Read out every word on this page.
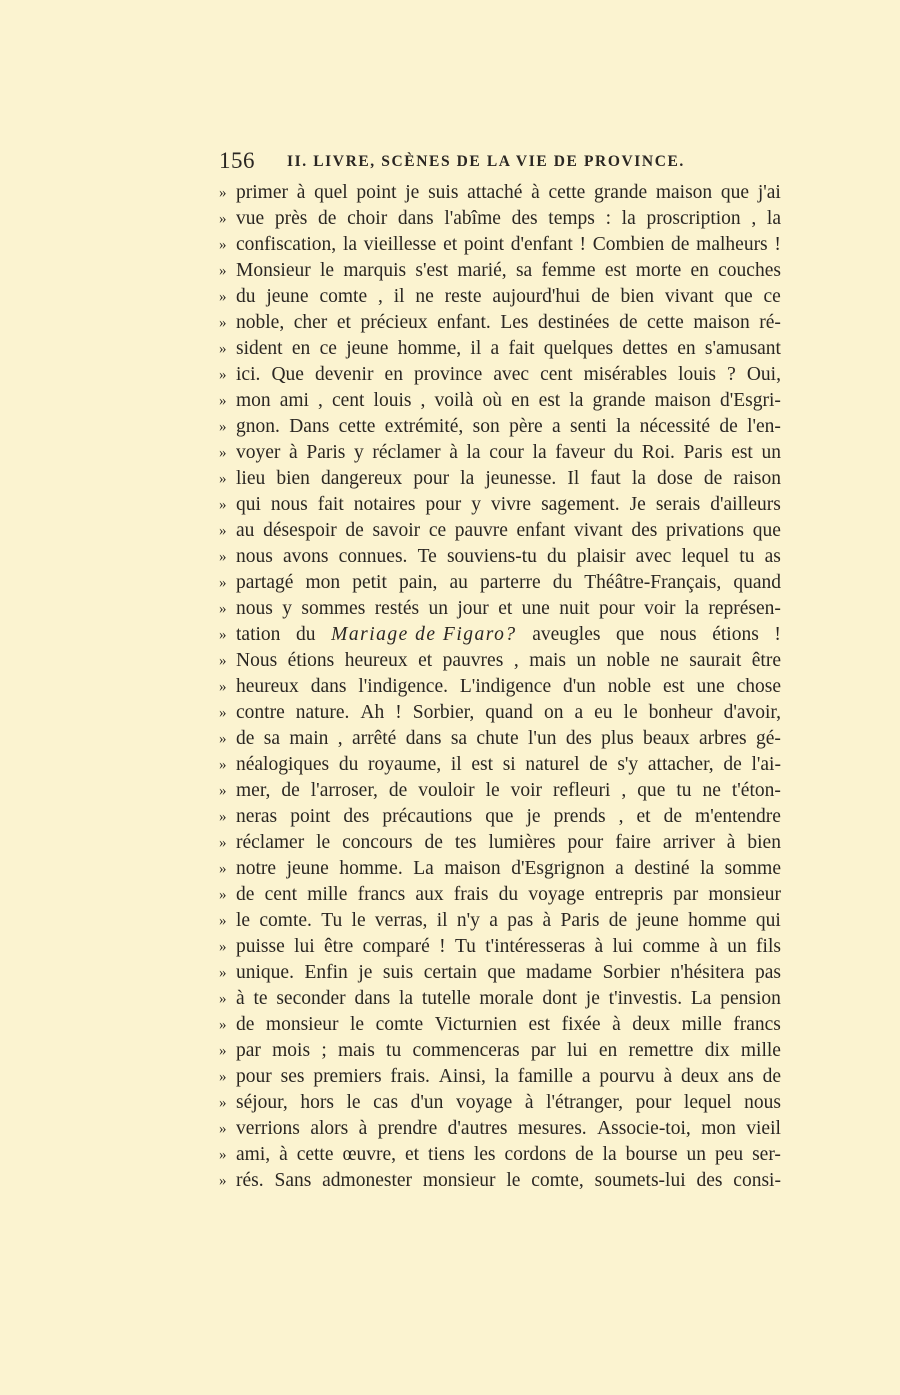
156 II. LIVRE, SCÈNES DE LA VIE DE PROVINCE.
» primer à quel point je suis attaché à cette grande maison que j'ai
» vue près de choir dans l'abîme des temps : la proscription , la
» confiscation, la vieillesse et point d'enfant ! Combien de malheurs !
» Monsieur le marquis s'est marié, sa femme est morte en couches
» du jeune comte , il ne reste aujourd'hui de bien vivant que ce
» noble, cher et précieux enfant. Les destinées de cette maison ré-
» sident en ce jeune homme, il a fait quelques dettes en s'amusant
» ici. Que devenir en province avec cent misérables louis ? Oui,
» mon ami , cent louis , voilà où en est la grande maison d'Esgri-
» gnon. Dans cette extrémité, son père a senti la nécessité de l'en-
» voyer à Paris y réclamer à la cour la faveur du Roi. Paris est un
» lieu bien dangereux pour la jeunesse. Il faut la dose de raison
» qui nous fait notaires pour y vivre sagement. Je serais d'ailleurs
» au désespoir de savoir ce pauvre enfant vivant des privations que
» nous avons connues. Te souviens-tu du plaisir avec lequel tu as
» partagé mon petit pain, au parterre du Théâtre-Français, quand
» nous y sommes restés un jour et une nuit pour voir la représen-
» tation du Mariage de Figaro? aveugles que nous étions !
» Nous étions heureux et pauvres , mais un noble ne saurait être
» heureux dans l'indigence. L'indigence d'un noble est une chose
» contre nature. Ah ! Sorbier, quand on a eu le bonheur d'avoir,
» de sa main , arrêté dans sa chute l'un des plus beaux arbres gé-
» néalogiques du royaume, il est si naturel de s'y attacher, de l'ai-
» mer, de l'arroser, de vouloir le voir refleuri , que tu ne t'éton-
» neras point des précautions que je prends , et de m'entendre
» réclamer le concours de tes lumières pour faire arriver à bien
» notre jeune homme. La maison d'Esgrignon a destiné la somme
» de cent mille francs aux frais du voyage entrepris par monsieur
» le comte. Tu le verras, il n'y a pas à Paris de jeune homme qui
» puisse lui être comparé ! Tu t'intéresseras à lui comme à un fils
» unique. Enfin je suis certain que madame Sorbier n'hésitera pas
» à te seconder dans la tutelle morale dont je t'investis. La pension
» de monsieur le comte Victurnien est fixée à deux mille francs
» par mois ; mais tu commenceras par lui en remettre dix mille
» pour ses premiers frais. Ainsi, la famille a pourvu à deux ans de
» séjour, hors le cas d'un voyage à l'étranger, pour lequel nous
» verrions alors à prendre d'autres mesures. Associe-toi, mon vieil
» ami, à cette œuvre, et tiens les cordons de la bourse un peu ser-
» rés. Sans admonester monsieur le comte, soumets-lui des consi-
